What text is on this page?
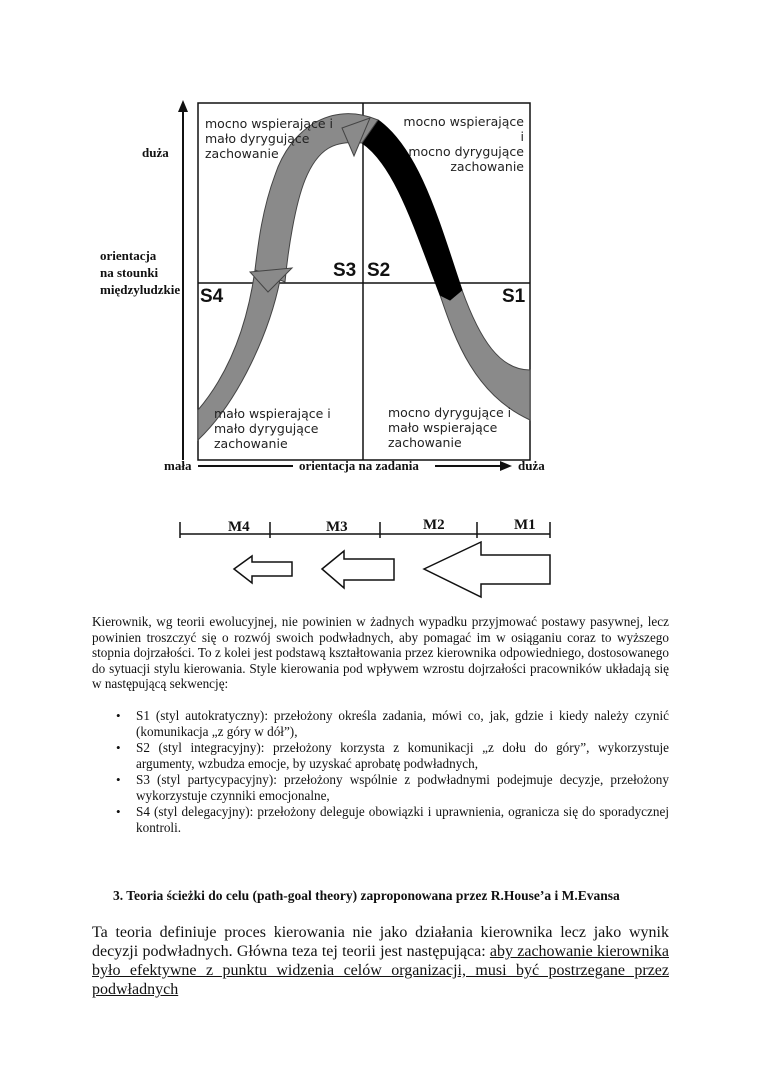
duża
orientacja
na stounki
międzyludzkie
mała	orientacja na zadania	duża
mocno wspierające i
mało dyrygujące
zachowanie
mocno wspierające i
mocno dyrygujące
zachowanie
mało wspierające i
mało dyrygujące
zachowanie
mocno dyrygujące i
mało wspierające
zachowanie
S4
S3 S2
S1
M4	M3	M2	M1
Kierownik, wg teorii ewolucyjnej, nie powinien w żadnych wypadku przyjmować postawy pasywnej, lecz powinien troszczyć się o rozwój swoich podwładnych, aby pomagać im w osiąganiu coraz to wyższego stopnia dojrzałości. To z kolei jest podstawą kształtowania przez kierownika odpowiedniego, dostosowanego do sytuacji stylu kierowania. Style kierowania pod wpływem wzrostu dojrzałości pracowników układają się w następującą sekwencję:
• S1 (styl autokratyczny): przełożony określa zadania, mówi co, jak, gdzie i kiedy należy czynić (komunikacja „z góry w dół”),
• S2 (styl integracyjny): przełożony korzysta z komunikacji „z dołu do góry”, wykorzystuje argumenty, wzbudza emocje, by uzyskać aprobatę podwładnych,
• S3 (styl partycypacyjny): przełożony wspólnie z podwładnymi podejmuje decyzje, przełożony wykorzystuje czynniki emocjonalne,
• S4 (styl delegacyjny): przełożony deleguje obowiązki i uprawnienia, ogranicza się do sporadycznej kontroli.
3. Teoria ścieżki do celu (path-goal theory) zaproponowana przez R.House’a i M.Evansa
Ta teoria definiuje proces kierowania nie jako działania kierownika lecz jako wynik decyzji podwładnych. Główna teza tej teorii jest następująca: aby zachowanie kierownika było efektywne z punktu widzenia celów organizacji, musi być postrzegane przez podwładnych
